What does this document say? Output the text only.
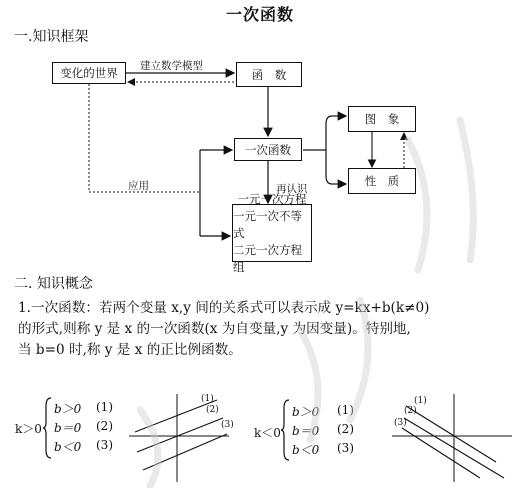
一次函数
一.知识框架
变化的世界	函　数
一次函数
图　象
性　质
一元一次方程
一元一次不等式
二元一次方程组
建立数学模型
再认识
应用
二. 知识概念
1.一次函数：若两个变量 x,y 间的关系式可以表示成 y=kx+b(k≠0)
的形式,则称 y 是 x 的一次函数(x 为自变量,y 为因变量)。特别地,
当 b=0 时,称 y 是 x 的正比例函数。
k＞0
b＞0 (1)
b＝0 (2)
b＜0 (3)
(1)
(2)
(3)
k＜0
b＞0 (1)
b＝0 (2)
b＜0 (3)
(1)
(2)
(3)
